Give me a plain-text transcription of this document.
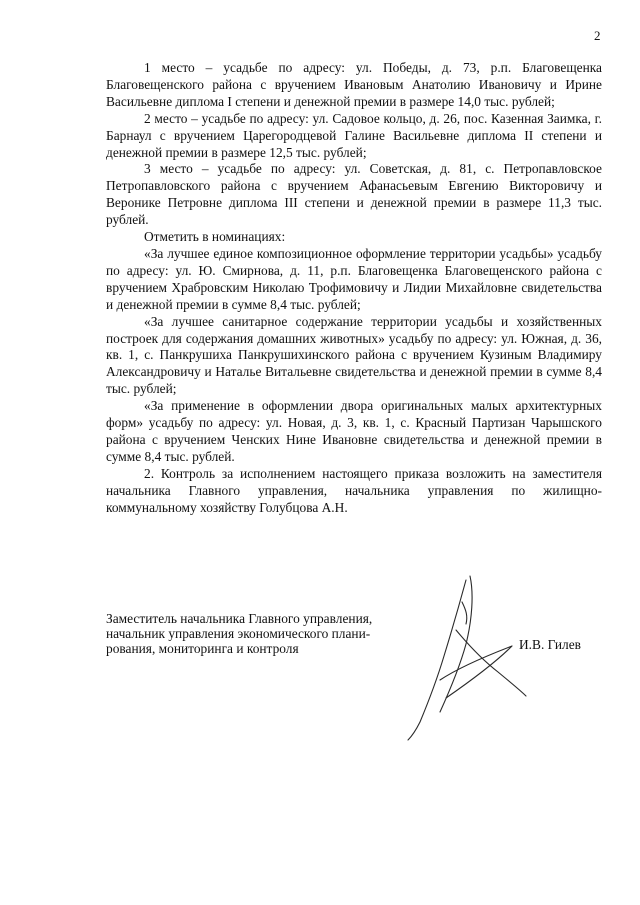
2

1 место – усадьбе по адресу: ул. Победы, д. 73, р.п. Благовещенка Благовещенского района с вручением Ивановым Анатолию Ивановичу и Ирине Васильевне диплома I степени и денежной премии в размере 14,0 тыс. рублей;

2 место – усадьбе по адресу: ул. Садовое кольцо, д. 26, пос. Казенная Заимка, г. Барнаул с вручением Царегородцевой Галине Васильевне диплома II степени и денежной премии в размере 12,5 тыс. рублей;

3 место – усадьбе по адресу: ул. Советская, д. 81, с. Петропавловское Петропавловского района с вручением Афанасьевым Евгению Викторовичу и Веронике Петровне диплома III степени и денежной премии в размере 11,3 тыс. рублей.

Отметить в номинациях:

«За лучшее единое композиционное оформление территории усадьбы» усадьбу по адресу: ул. Ю. Смирнова, д. 11, р.п. Благовещенка Благовещенского района с вручением Храбровским Николаю Трофимовичу и Лидии Михайловне свидетельства и денежной премии в сумме 8,4 тыс. рублей;

«За лучшее санитарное содержание территории усадьбы и хозяйственных построек для содержания домашних животных» усадьбу по адресу: ул. Южная, д. 36, кв. 1, с. Панкрушиха Панкрушихинского района с вручением Кузиным Владимиру Александровичу и Наталье Витальевне свидетельства и денежной премии в сумме 8,4 тыс. рублей;

«За применение в оформлении двора оригинальных малых архитектурных форм» усадьбу по адресу: ул. Новая, д. 3, кв. 1, с. Красный Партизан Чарышского района с вручением Ченских Нине Ивановне свидетельства и денежной премии в сумме 8,4 тыс. рублей.

2. Контроль за исполнением настоящего приказа возложить на заместителя начальника Главного управления, начальника управления по жилищно-коммунальному хозяйству Голубцова А.Н.

Заместитель начальника Главного управления,
начальник управления экономического плани-
рования, мониторинга и контроля	И.В. Гилев
